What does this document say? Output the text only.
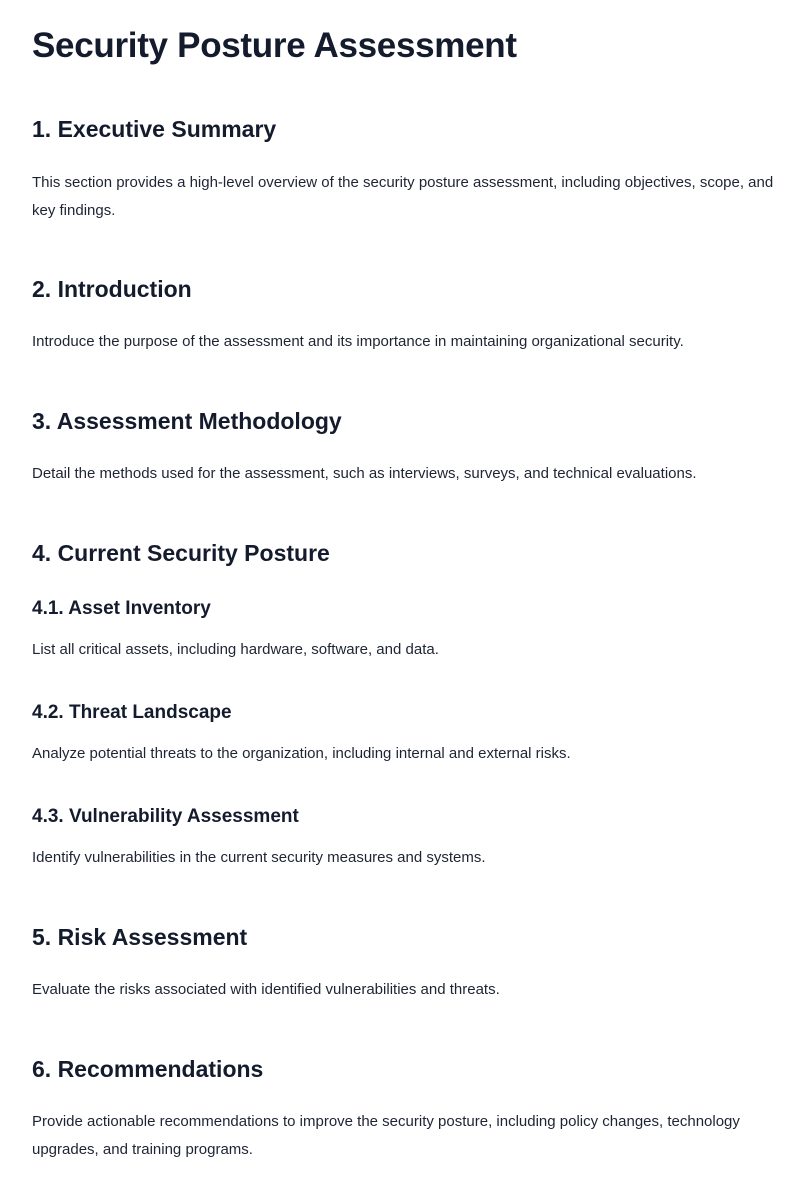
Security Posture Assessment
1. Executive Summary

This section provides a high-level overview of the security posture assessment, including objectives, scope, and key findings.

2. Introduction

Introduce the purpose of the assessment and its importance in maintaining organizational security.

3. Assessment Methodology

Detail the methods used for the assessment, such as interviews, surveys, and technical evaluations.

4. Current Security Posture
4.1. Asset Inventory

List all critical assets, including hardware, software, and data.

4.2. Threat Landscape

Analyze potential threats to the organization, including internal and external risks.

4.3. Vulnerability Assessment

Identify vulnerabilities in the current security measures and systems.

5. Risk Assessment

Evaluate the risks associated with identified vulnerabilities and threats.

6. Recommendations

Provide actionable recommendations to improve the security posture, including policy changes, technology upgrades, and training programs.
